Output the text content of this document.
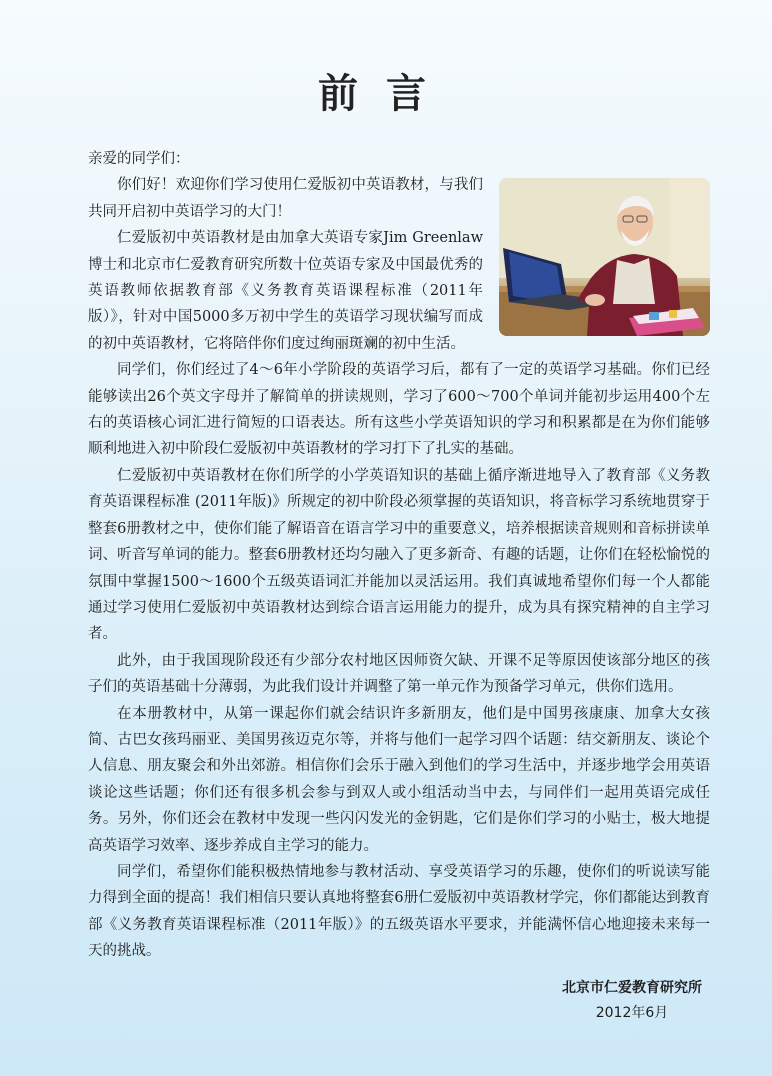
前言

亲爱的同学们：

你们好！欢迎你们学习使用仁爱版初中英语教材，与我们共同开启初中英语学习的大门！

仁爱版初中英语教材是由加拿大英语专家Jim Greenlaw博士和北京市仁爱教育研究所数十位英语专家及中国最优秀的英语教师依据教育部《义务教育英语课程标准（2011年版）》，针对中国5000多万初中学生的英语学习现状编写而成的初中英语教材，它将陪伴你们度过绚丽斑斓的初中生活。

同学们，你们经过了4～6年小学阶段的英语学习后，都有了一定的英语学习基础。你们已经能够读出26个英文字母并了解简单的拼读规则，学习了600～700个单词并能初步运用400个左右的英语核心词汇进行简短的口语表达。所有这些小学英语知识的学习和积累都是在为你们能够顺利地进入初中阶段仁爱版初中英语教材的学习打下了扎实的基础。

仁爱版初中英语教材在你们所学的小学英语知识的基础上循序渐进地导入了教育部《义务教育英语课程标准 (2011年版)》所规定的初中阶段必须掌握的英语知识，将音标学习系统地贯穿于整套6册教材之中，使你们能了解语音在语言学习中的重要意义，培养根据读音规则和音标拼读单词、听音写单词的能力。整套6册教材还均匀融入了更多新奇、有趣的话题，让你们在轻松愉悦的氛围中掌握1500～1600个五级英语词汇并能加以灵活运用。我们真诚地希望你们每一个人都能通过学习使用仁爱版初中英语教材达到综合语言运用能力的提升，成为具有探究精神的自主学习者。

此外，由于我国现阶段还有少部分农村地区因师资欠缺、开课不足等原因使该部分地区的孩子们的英语基础十分薄弱，为此我们设计并调整了第一单元作为预备学习单元，供你们选用。

在本册教材中，从第一课起你们就会结识许多新朋友，他们是中国男孩康康、加拿大女孩简、古巴女孩玛丽亚、美国男孩迈克尔等，并将与他们一起学习四个话题：结交新朋友、谈论个人信息、朋友聚会和外出郊游。相信你们会乐于融入到他们的学习生活中，并逐步地学会用英语谈论这些话题；你们还有很多机会参与到双人或小组活动当中去，与同伴们一起用英语完成任务。另外，你们还会在教材中发现一些闪闪发光的金钥匙，它们是你们学习的小贴士，极大地提高英语学习效率、逐步养成自主学习的能力。

同学们，希望你们能积极热情地参与教材活动、享受英语学习的乐趣，使你们的听说读写能力得到全面的提高！我们相信只要认真地将整套6册仁爱版初中英语教材学完，你们都能达到教育部《义务教育英语课程标准（2011年版）》的五级英语水平要求，并能满怀信心地迎接未来每一天的挑战。

北京市仁爱教育研究所
2012年6月
